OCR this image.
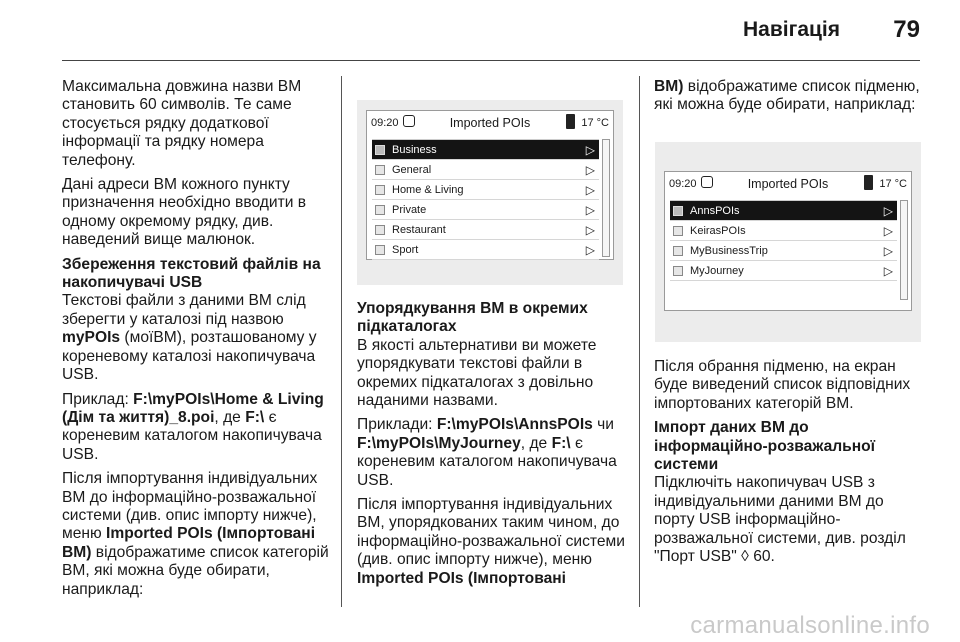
Навігація 79

Максимальна довжина назви ВМ становить 60 символів. Те саме стосується рядку додаткової інформації та рядку номера телефону.

Дані адреси ВМ кожного пункту призначення необхідно вводити в одному окремому рядку, див. наведений вище малюнок.

Збереження текстовий файлів на накопичувачі USB

Текстові файли з даними ВМ слід зберегти у каталозі під назвою myPOIs (моїВМ), розташованому у кореневому каталозі накопичувача USB.

Приклад: F:\myPOIs\Home & Living (Дім та життя)_8.poi, де F:\ є кореневим каталогом накопичувача USB.

Після імпортування індивідуальних ВМ до інформаційно-розважальної системи (див. опис імпорту нижче), меню Imported POIs (Імпортовані ВМ) відображатиме список категорій ВМ, які можна буде обирати, наприклад:

09:20	Imported POIs	17 °C
Business	▷
General	▷
Home & Living	▷
Private	▷
Restaurant	▷
Sport	▷
Упорядкування ВМ в окремих підкаталогах

В якості альтернативи ви можете упорядкувати текстові файли в окремих підкаталогах з довільно наданими назвами.

Приклади: F:\myPOIs\AnnsPOIs чи F:\myPOIs\MyJourney, де F:\ є кореневим каталогом накопичувача USB.

Після імпортування індивідуальних ВМ, упорядкованих таким чином, до інформаційно-розважальної системи (див. опис імпорту нижче), меню Imported POIs (Імпортовані

ВМ) відображатиме список підменю, які можна буде обирати, наприклад:

09:20	Imported POIs	17 °C
AnnsPOIs	▷
KeirasPOIs	▷
MyBusinessTrip	▷
MyJourney	▷

Після обрання підменю, на екран буде виведений список відповідних імпортованих категорій ВМ.

Імпорт даних ВМ до інформаційно-розважальної системи

Підключіть накопичувач USB з індивідуальними даними ВМ до порту USB інформаційно-розважальної системи, див. розділ "Порт USB" ◊ 60.

carmanualsonline.info
